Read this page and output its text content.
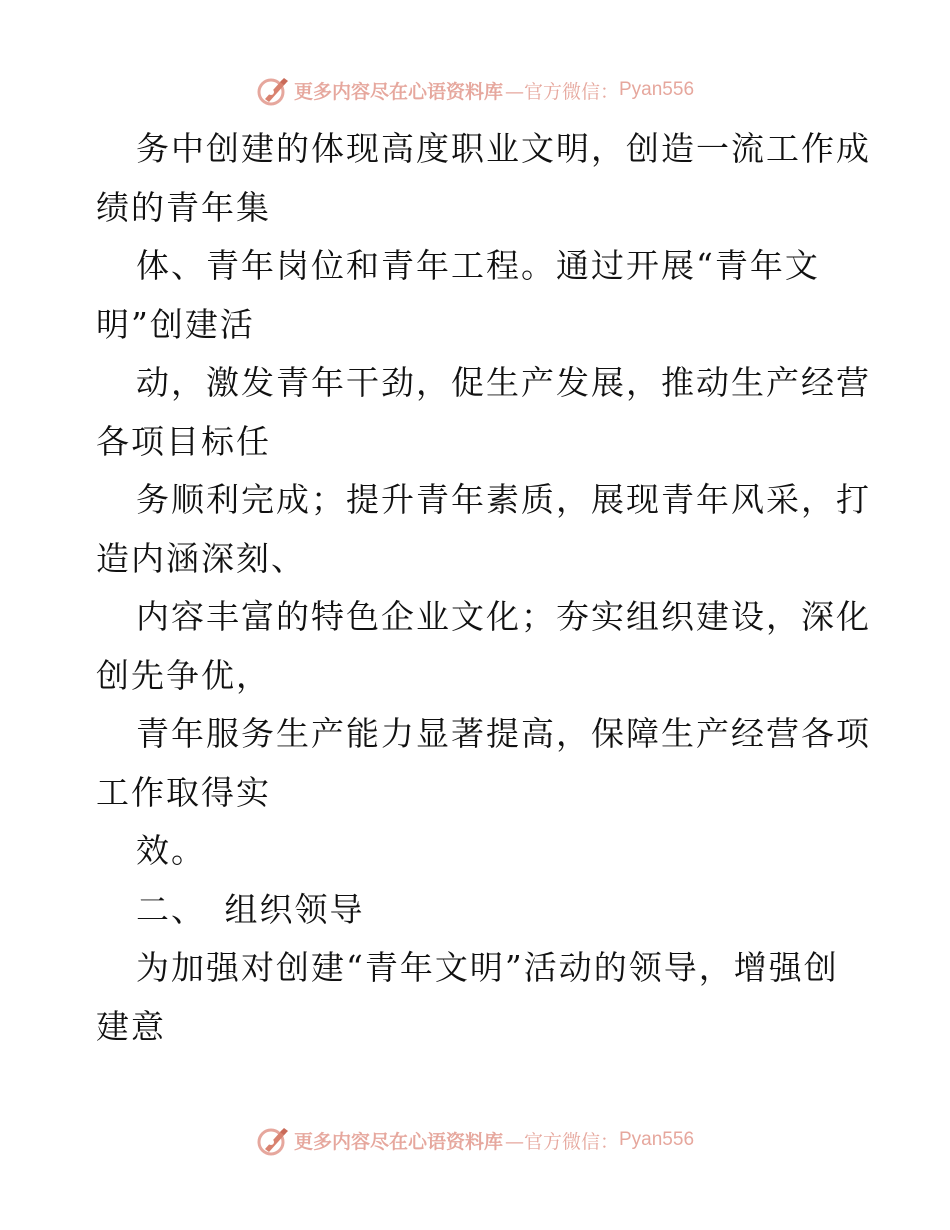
更多内容尽在心语资料库 —官方微信： Pyan556
务中创建的体现高度职业文明，创造一流工作成
绩的青年集
体、青年岗位和青年工程。通过开展“青年文
明”创建活
动，激发青年干劲，促生产发展，推动生产经营
各项目标任
务顺利完成；提升青年素质，展现青年风采，打
造内涵深刻、
内容丰富的特色企业文化；夯实组织建设，深化
创先争优，
青年服务生产能力显著提高，保障生产经营各项
工作取得实
效。
二、　组织领导
为加强对创建“青年文明”活动的领导，增强创
建意
更多内容尽在心语资料库 —官方微信： Pyan556
